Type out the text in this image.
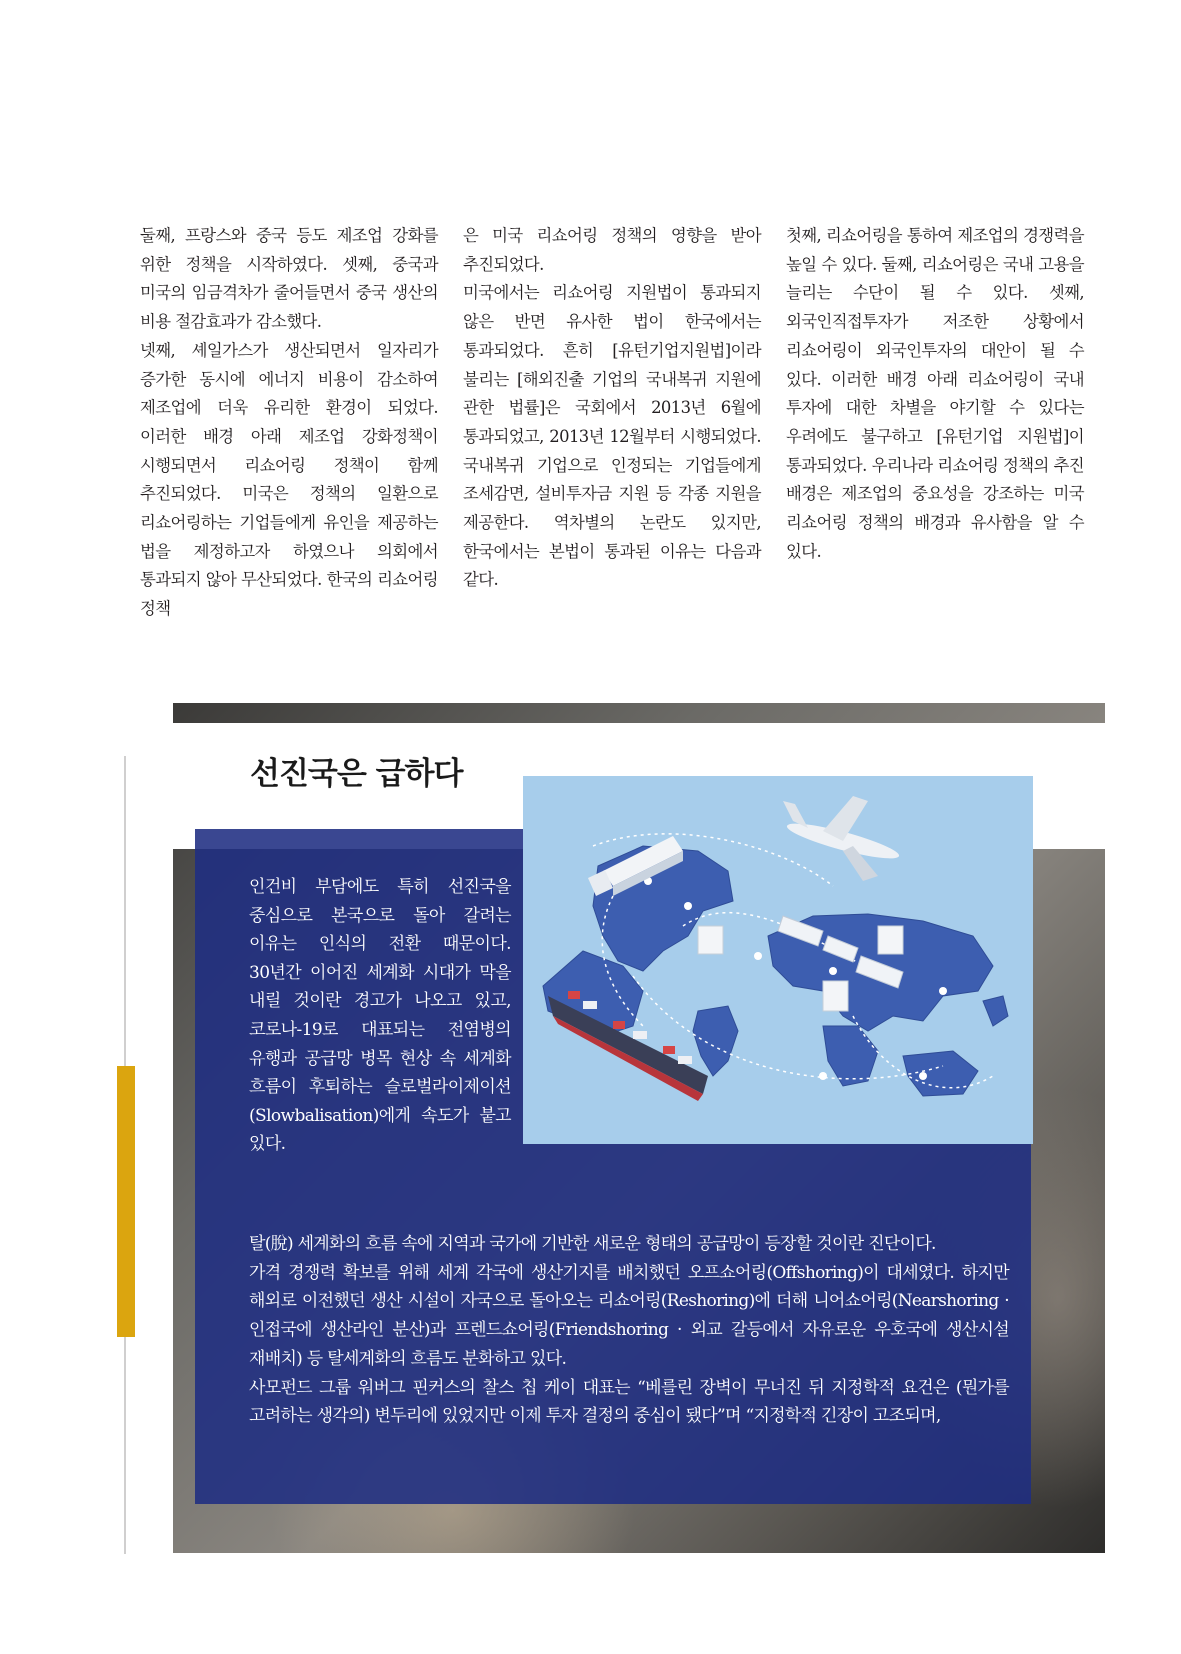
둘째, 프랑스와 중국 등도 제조업 강화를 위한 정책을 시작하였다. 셋째, 중국과 미국의 임금격차가 줄어들면서 중국 생산의 비용 절감효과가 감소했다.

넷째, 셰일가스가 생산되면서 일자리가 증가한 동시에 에너지 비용이 감소하여 제조업에 더욱 유리한 환경이 되었다. 이러한 배경 아래 제조업 강화정책이 시행되면서 리쇼어링 정책이 함께 추진되었다. 미국은 정책의 일환으로 리쇼어링하는 기업들에게 유인을 제공하는 법을 제정하고자 하였으나 의회에서 통과되지 않아 무산되었다. 한국의 리쇼어링 정책

은 미국 리쇼어링 정책의 영향을 받아 추진되었다.

미국에서는 리쇼어링 지원법이 통과되지 않은 반면 유사한 법이 한국에서는 통과되었다. 흔히 [유턴기업지원법]이라 불리는 [해외진출 기업의 국내복귀 지원에 관한 법률]은 국회에서 2013년 6월에 통과되었고, 2013년 12월부터 시행되었다. 국내복귀 기업으로 인정되는 기업들에게 조세감면, 설비투자금 지원 등 각종 지원을 제공한다. 역차별의 논란도 있지만, 한국에서는 본법이 통과된 이유는 다음과 같다.

첫째, 리쇼어링을 통하여 제조업의 경쟁력을 높일 수 있다. 둘째, 리쇼어링은 국내 고용을 늘리는 수단이 될 수 있다. 셋째, 외국인직접투자가 저조한 상황에서 리쇼어링이 외국인투자의 대안이 될 수 있다. 이러한 배경 아래 리쇼어링이 국내 투자에 대한 차별을 야기할 수 있다는 우려에도 불구하고 [유턴기업 지원법]이 통과되었다. 우리나라 리쇼어링 정책의 추진 배경은 제조업의 중요성을 강조하는 미국 리쇼어링 정책의 배경과 유사함을 알 수 있다.

선진국은 급하다

인건비 부담에도 특히 선진국을 중심으로 본국으로 돌아 갈려는 이유는 인식의 전환 때문이다. 30년간 이어진 세계화 시대가 막을 내릴 것이란 경고가 나오고 있고, 코로나-19로 대표되는 전염병의 유행과 공급망 병목 현상 속 세계화 흐름이 후퇴하는 슬로벌라이제이션(Slowbalisation)에게 속도가 붙고 있다.

탈(脫) 세계화의 흐름 속에 지역과 국가에 기반한 새로운 형태의 공급망이 등장할 것이란 진단이다.

가격 경쟁력 확보를 위해 세계 각국에 생산기지를 배치했던 오프쇼어링(Offshoring)이 대세였다. 하지만 해외로 이전했던 생산 시설이 자국으로 돌아오는 리쇼어링(Reshoring)에 더해 니어쇼어링(Nearshoring · 인접국에 생산라인 분산)과 프렌드쇼어링(Friendshoring · 외교 갈등에서 자유로운 우호국에 생산시설 재배치) 등 탈세계화의 흐름도 분화하고 있다.

사모펀드 그룹 워버그 핀커스의 찰스 칩 케이 대표는 “베를린 장벽이 무너진 뒤 지정학적 요건은 (뭔가를 고려하는 생각의) 변두리에 있었지만 이제 투자 결정의 중심이 됐다”며 “지정학적 긴장이 고조되며,
